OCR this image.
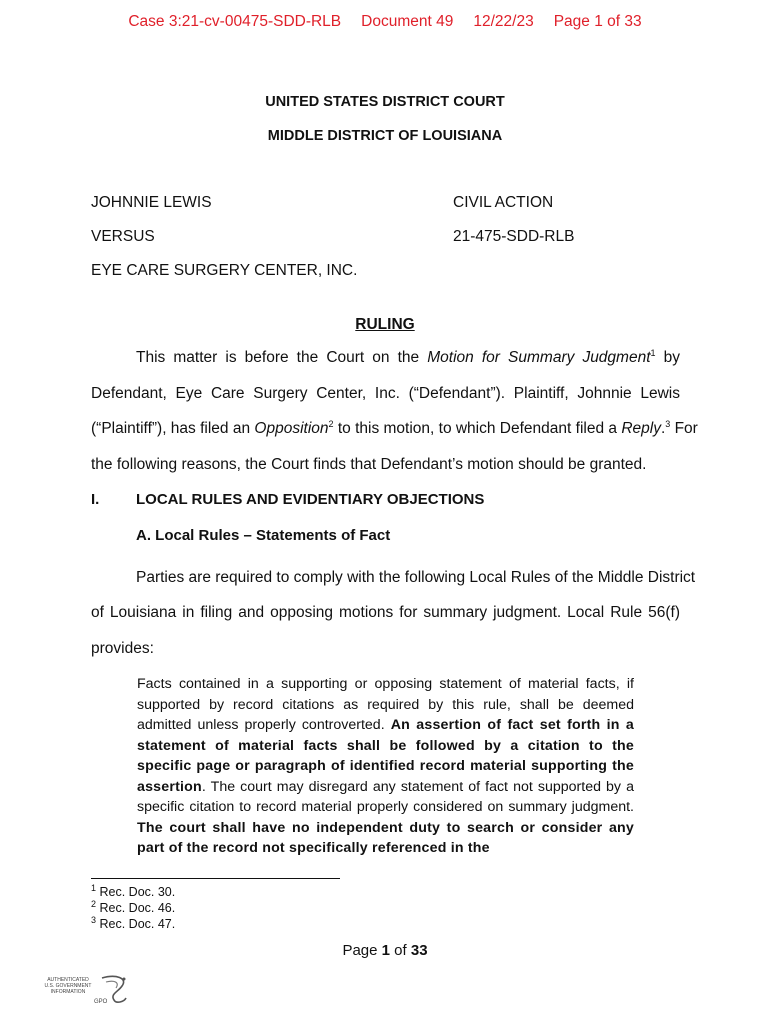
Case 3:21-cv-00475-SDD-RLB Document 49 12/22/23 Page 1 of 33
UNITED STATES DISTRICT COURT
MIDDLE DISTRICT OF LOUISIANA
JOHNNIE LEWIS
VERSUS
EYE CARE SURGERY CENTER, INC.
CIVIL ACTION
21-475-SDD-RLB
RULING
This matter is before the Court on the Motion for Summary Judgment$^1$ by
Defendant, Eye Care Surgery Center, Inc. (“Defendant”). Plaintiff, Johnnie Lewis
(“Plaintiff”), has filed an Opposition$^2$ to this motion, to which Defendant filed a Reply.$^3$ For
the following reasons, the Court finds that Defendant’s motion should be granted.
I. LOCAL RULES AND EVIDENTIARY OBJECTIONS
A. Local Rules – Statements of Fact
Parties are required to comply with the following Local Rules of the Middle District
of Louisiana in filing and opposing motions for summary judgment. Local Rule 56(f)
provides:
Facts contained in a supporting or opposing statement of material facts, if supported by record citations as required by this rule, shall be deemed admitted unless properly controverted. An assertion of fact set forth in a statement of material facts shall be followed by a citation to the specific page or paragraph of identified record material supporting the assertion. The court may disregard any statement of fact not supported by a specific citation to record material properly considered on summary judgment. The court shall have no independent duty to search or consider any part of the record not specifically referenced in the
$^1$ Rec. Doc. 30.
$^2$ Rec. Doc. 46.
$^3$ Rec. Doc. 47.
Page 1 of 33
AUTHENTICATED
U.S. GOVERNMENT
INFORMATION
GPO
